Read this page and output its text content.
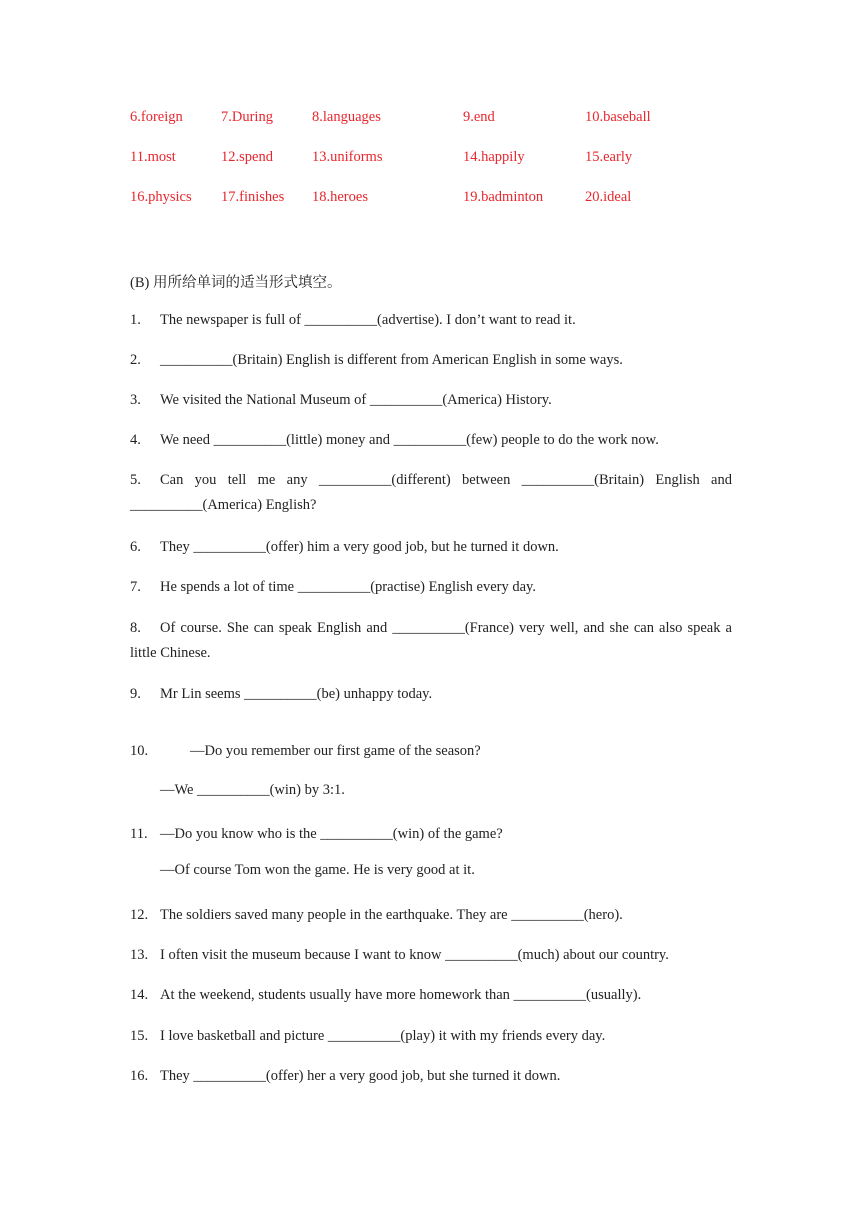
6.foreign	7.During	8.languages	9.end	10.baseball
11.most	12.spend	13.uniforms	14.happily	15.early
16.physics 17.finishes 18.heroes	19.badminton	20.ideal
(B) 用所给单词的适当形式填空。
1. The newspaper is full of __________(advertise). I don’t want to read it.
2. __________(Britain) English is different from American English in some ways.
3. We visited the National Museum of __________(America) History.
4. We need __________(little) money and __________(few) people to do the work now.
5. Can you tell me any __________(different) between __________(Britain) English and __________(America) English?
6. They __________(offer) him a very good job, but he turned it down.
7. He spends a lot of time __________(practise) English every day.
8. Of course. She can speak English and __________(France) very well, and she can also speak a little Chinese.
9. Mr Lin seems __________(be) unhappy today.
10.	—Do you remember our first game of the season?
—We __________(win) by 3:1.
11. —Do you know who is the __________(win) of the game?
—Of course Tom won the game. He is very good at it.
12. The soldiers saved many people in the earthquake. They are __________(hero).
13. I often visit the museum because I want to know __________(much) about our country.
14. At the weekend, students usually have more homework than __________(usually).
15. I love basketball and picture __________(play) it with my friends every day.
16. They __________(offer) her a very good job, but she turned it down.
